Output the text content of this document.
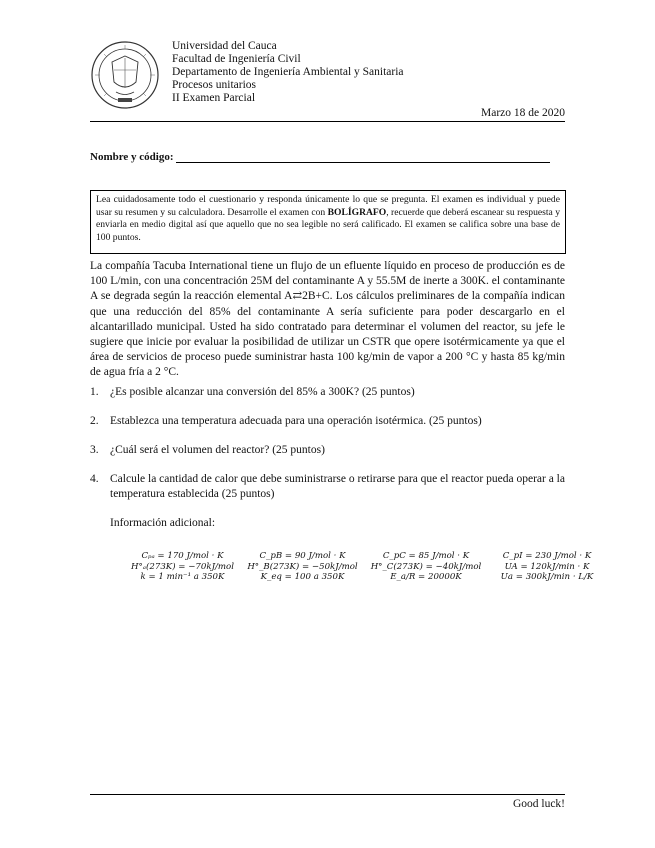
Universidad del Cauca
Facultad de Ingeniería Civil
Departamento de Ingeniería Ambiental y Sanitaria
Procesos unitarios
II Examen Parcial
Marzo 18 de 2020
Nombre y código:
Lea cuidadosamente todo el cuestionario y responda únicamente lo que se pregunta. El examen es individual y puede usar su resumen y su calculadora. Desarrolle el examen con BOLÍGRAFO, recuerde que deberá escanear su respuesta y enviarla en medio digital así que aquello que no sea legible no será calificado. El examen se califica sobre una base de 100 puntos.
La compañía Tacuba International tiene un flujo de un efluente líquido en proceso de producción es de 100 L/min, con una concentración 25M del contaminante A y 55.5M de inerte a 300K. el contaminante A se degrada según la reacción elemental A⇄2B+C. Los cálculos preliminares de la compañía indican que una reducción del 85% del contaminante A sería suficiente para poder descargarlo en el alcantarillado municipal. Usted ha sido contratado para determinar el volumen del reactor, su jefe le sugiere que inicie por evaluar la posibilidad de utilizar un CSTR que opere isotérmicamente ya que el área de servicios de proceso puede suministrar hasta 100 kg/min de vapor a 200 °C y hasta 85 kg/min de agua fría a 2 °C.
1. ¿Es posible alcanzar una conversión del 85% a 300K? (25 puntos)
2. Establezca una temperatura adecuada para una operación isotérmica. (25 puntos)
3. ¿Cuál será el volumen del reactor? (25 puntos)
4. Calcule la cantidad de calor que debe suministrarse o retirarse para que el reactor pueda operar a la temperatura establecida (25 puntos)
Información adicional:
Cₚₐ = 170 J/mol · K
H°ₐ(273K) = −70kJ/mol
k = 1 min⁻¹ a 350K
C_pB = 90 J/mol · K
H°_B(273K) = −50kJ/mol
K_eq = 100 a 350K
C_pC = 85 J/mol · K
H°_C(273K) = −40kJ/mol
E_a/R = 20000K
C_pI = 230 J/mol · K
UA = 120kJ/min · K
Ua = 300kJ/min · L/K
Good luck!
